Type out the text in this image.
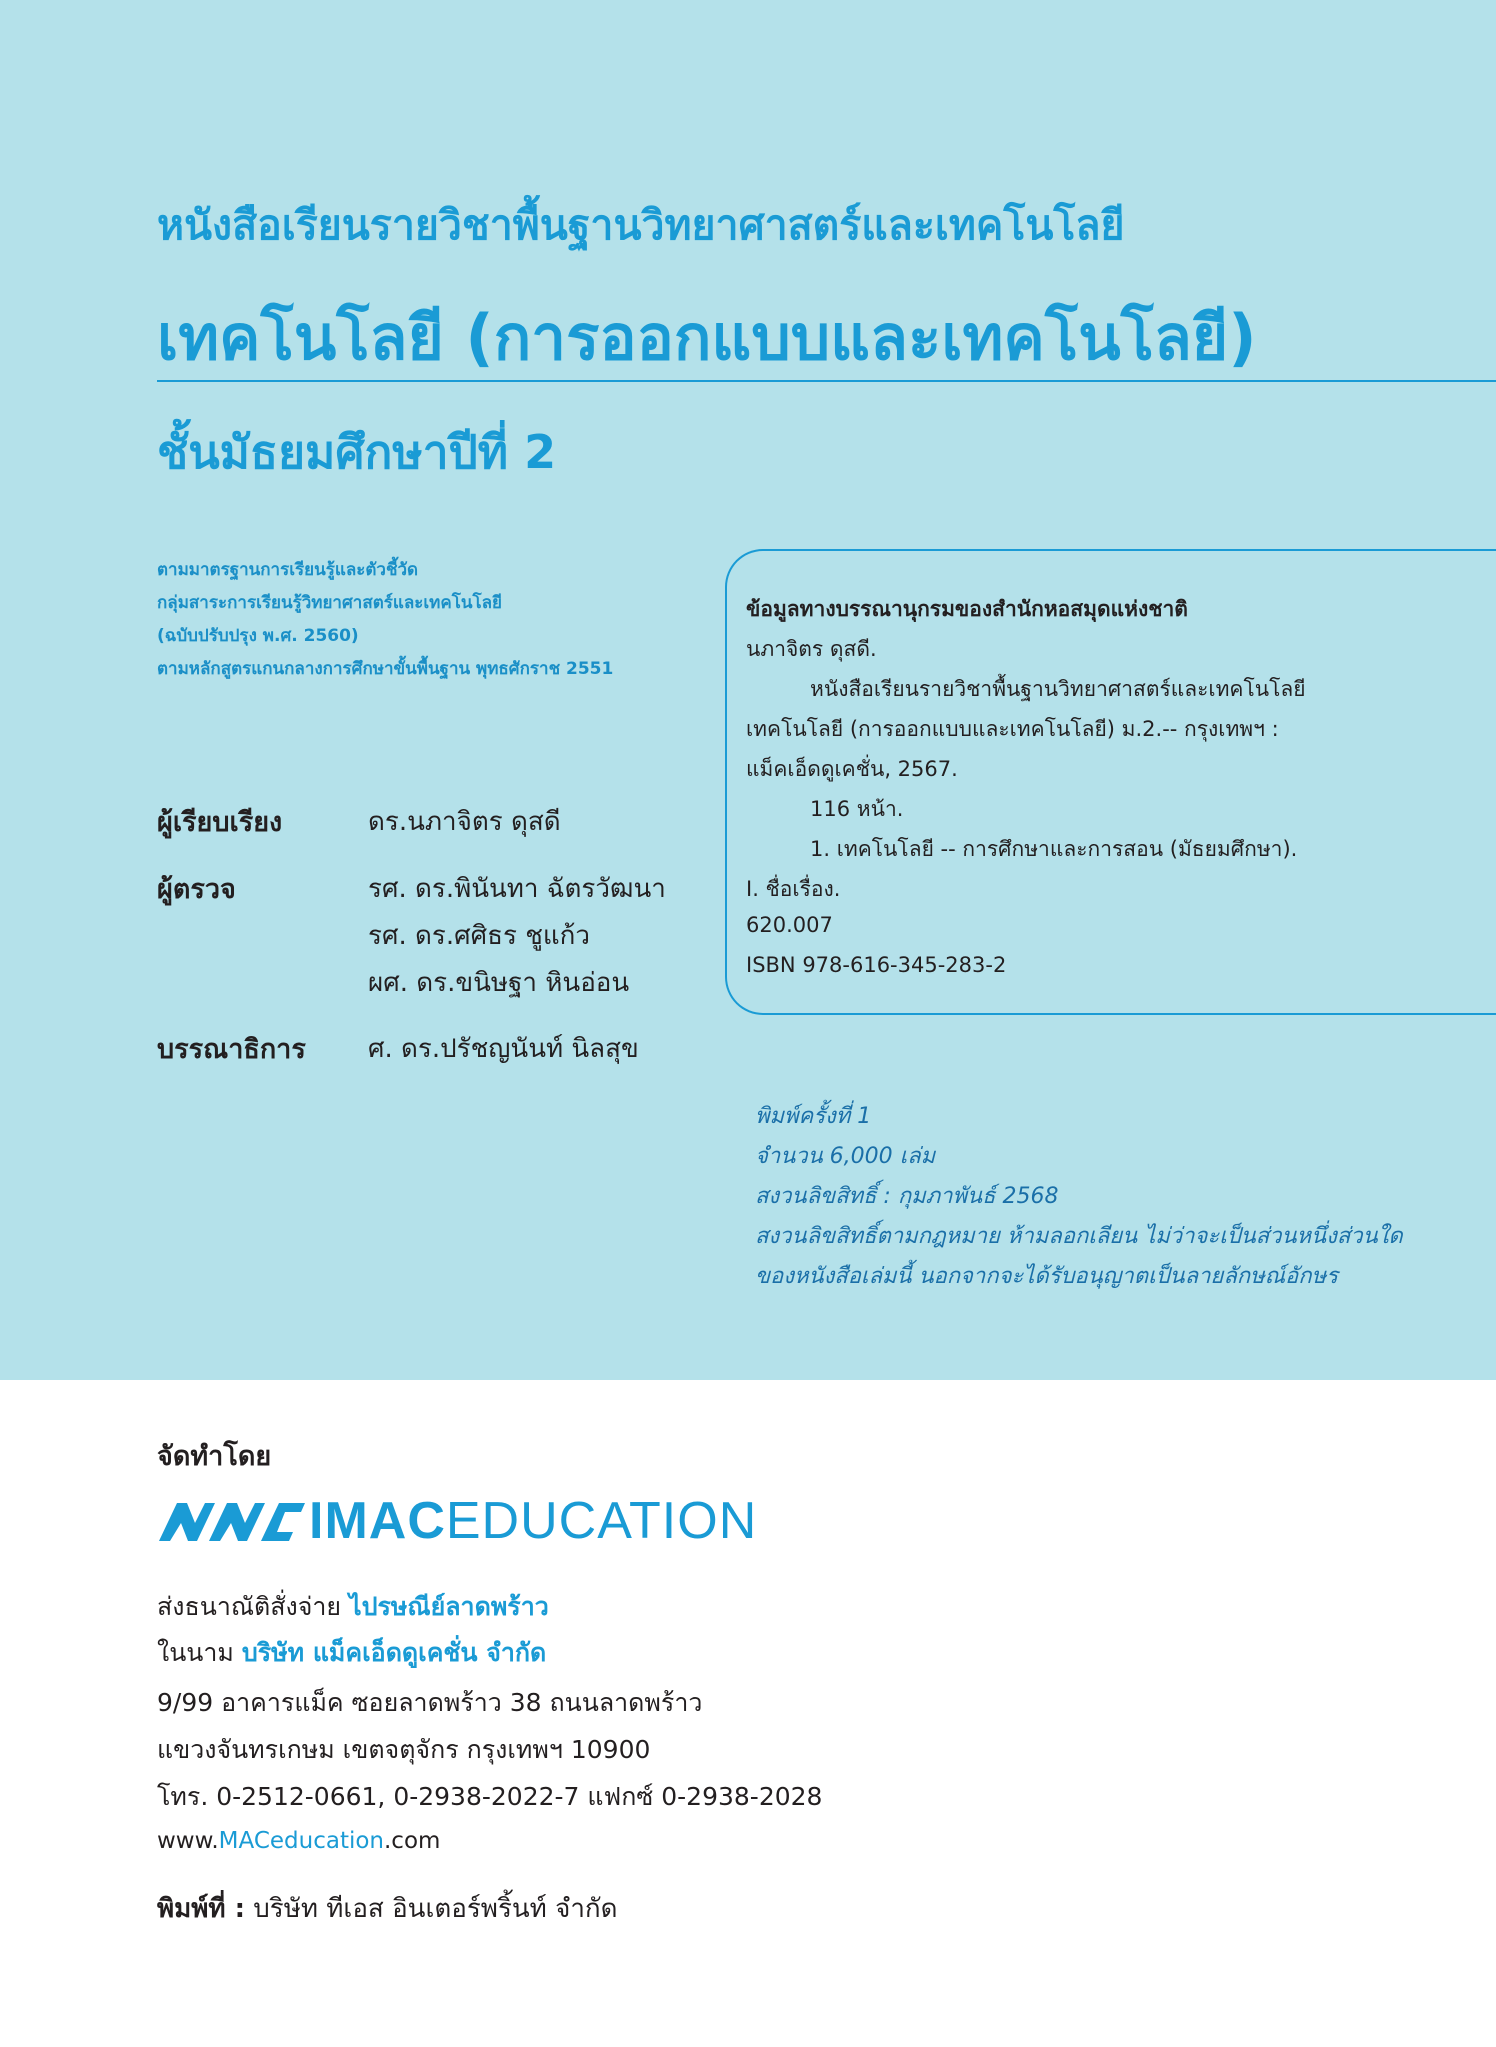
หนังสือเรียนรายวิชาพื้นฐานวิทยาศาสตร์และเทคโนโลยี
เทคโนโลยี (การออกแบบและเทคโนโลยี)
ชั้นมัธยมศึกษาปีที่ 2
ตามมาตรฐานการเรียนรู้และตัวชี้วัด
กลุ่มสาระการเรียนรู้วิทยาศาสตร์และเทคโนโลยี
(ฉบับปรับปรุง พ.ศ. 2560)
ตามหลักสูตรแกนกลางการศึกษาขั้นพื้นฐาน พุทธศักราช 2551
ผู้เรียบเรียง	ดร.นภาจิตร ดุสดี
ผู้ตรวจ	รศ. ดร.พินันทา ฉัตรวัฒนา
รศ. ดร.ศศิธร ชูแก้ว
ผศ. ดร.ขนิษฐา หินอ่อน
บรรณาธิการ ศ. ดร.ปรัชญนันท์ นิลสุข
ข้อมูลทางบรรณานุกรมของสำนักหอสมุดแห่งชาติ
นภาจิตร ดุสดี.
หนังสือเรียนรายวิชาพื้นฐานวิทยาศาสตร์และเทคโนโลยี
เทคโนโลยี (การออกแบบและเทคโนโลยี) ม.2.-- กรุงเทพฯ :
แม็คเอ็ดดูเคชั่น, 2567.
116 หน้า.
1. เทคโนโลยี -- การศึกษาและการสอน (มัธยมศึกษา).
I. ชื่อเรื่อง.
620.007
ISBN 978-616-345-283-2
พิมพ์ครั้งที่ 1
จำนวน 6,000 เล่ม
สงวนลิขสิทธิ์ : กุมภาพันธ์ 2568
สงวนลิขสิทธิ์ตามกฎหมาย ห้ามลอกเลียน ไม่ว่าจะเป็นส่วนหนึ่งส่วนใด
ของหนังสือเล่มนี้ นอกจากจะได้รับอนุญาตเป็นลายลักษณ์อักษร
จัดทำโดย
IMACEDUCATION
ส่งธนาณัติสั่งจ่าย ไปรษณีย์ลาดพร้าว
ในนาม บริษัท แม็คเอ็ดดูเคชั่น จำกัด
9/99 อาคารแม็ค ซอยลาดพร้าว 38 ถนนลาดพร้าว
แขวงจันทรเกษม เขตจตุจักร กรุงเทพฯ 10900
โทร. 0-2512-0661, 0-2938-2022-7 แฟกซ์ 0-2938-2028
www.MACeducation.com
พิมพ์ที่ : บริษัท ทีเอส อินเตอร์พริ้นท์ จำกัด
